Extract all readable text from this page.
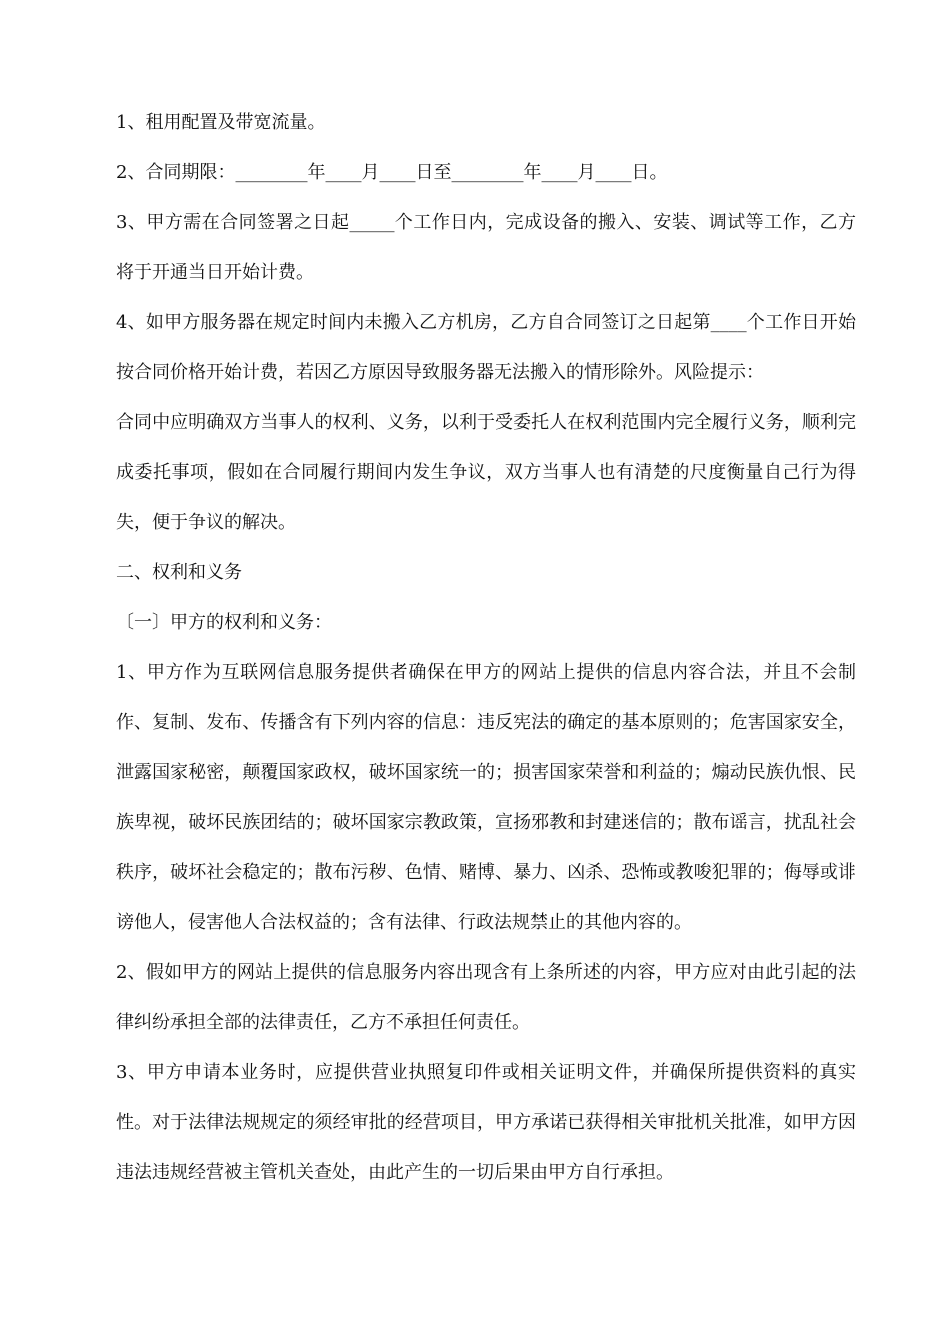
1、租用配置及带宽流量。

2、合同期限：________年____月____日至________年____月____日。

3、甲方需在合同签署之日起_____个工作日内，完成设备的搬入、安装、调试等工作，乙方将于开通当日开始计费。

4、如甲方服务器在规定时间内未搬入乙方机房，乙方自合同签订之日起第____个工作日开始按合同价格开始计费，若因乙方原因导致服务器无法搬入的情形除外。风险提示：

合同中应明确双方当事人的权利、义务，以利于受委托人在权利范围内完全履行义务，顺利完成委托事项，假如在合同履行期间内发生争议，双方当事人也有清楚的尺度衡量自己行为得失，便于争议的解决。

二、权利和义务

〔一〕甲方的权利和义务：

1、甲方作为互联网信息服务提供者确保在甲方的网站上提供的信息内容合法，并且不会制作、复制、发布、传播含有下列内容的信息：违反宪法的确定的基本原则的；危害国家安全，泄露国家秘密，颠覆国家政权，破坏国家统一的；损害国家荣誉和利益的；煽动民族仇恨、民族卑视，破坏民族团结的；破坏国家宗教政策，宣扬邪教和封建迷信的；散布谣言，扰乱社会秩序，破坏社会稳定的；散布污秽、色情、赌博、暴力、凶杀、恐怖或教唆犯罪的；侮辱或诽谤他人，侵害他人合法权益的；含有法律、行政法规禁止的其他内容的。

2、假如甲方的网站上提供的信息服务内容出现含有上条所述的内容，甲方应对由此引起的法律纠纷承担全部的法律责任，乙方不承担任何责任。

3、甲方申请本业务时，应提供营业执照复印件或相关证明文件，并确保所提供资料的真实性。对于法律法规规定的须经审批的经营项目，甲方承诺已获得相关审批机关批准，如甲方因违法违规经营被主管机关查处，由此产生的一切后果由甲方自行承担。
